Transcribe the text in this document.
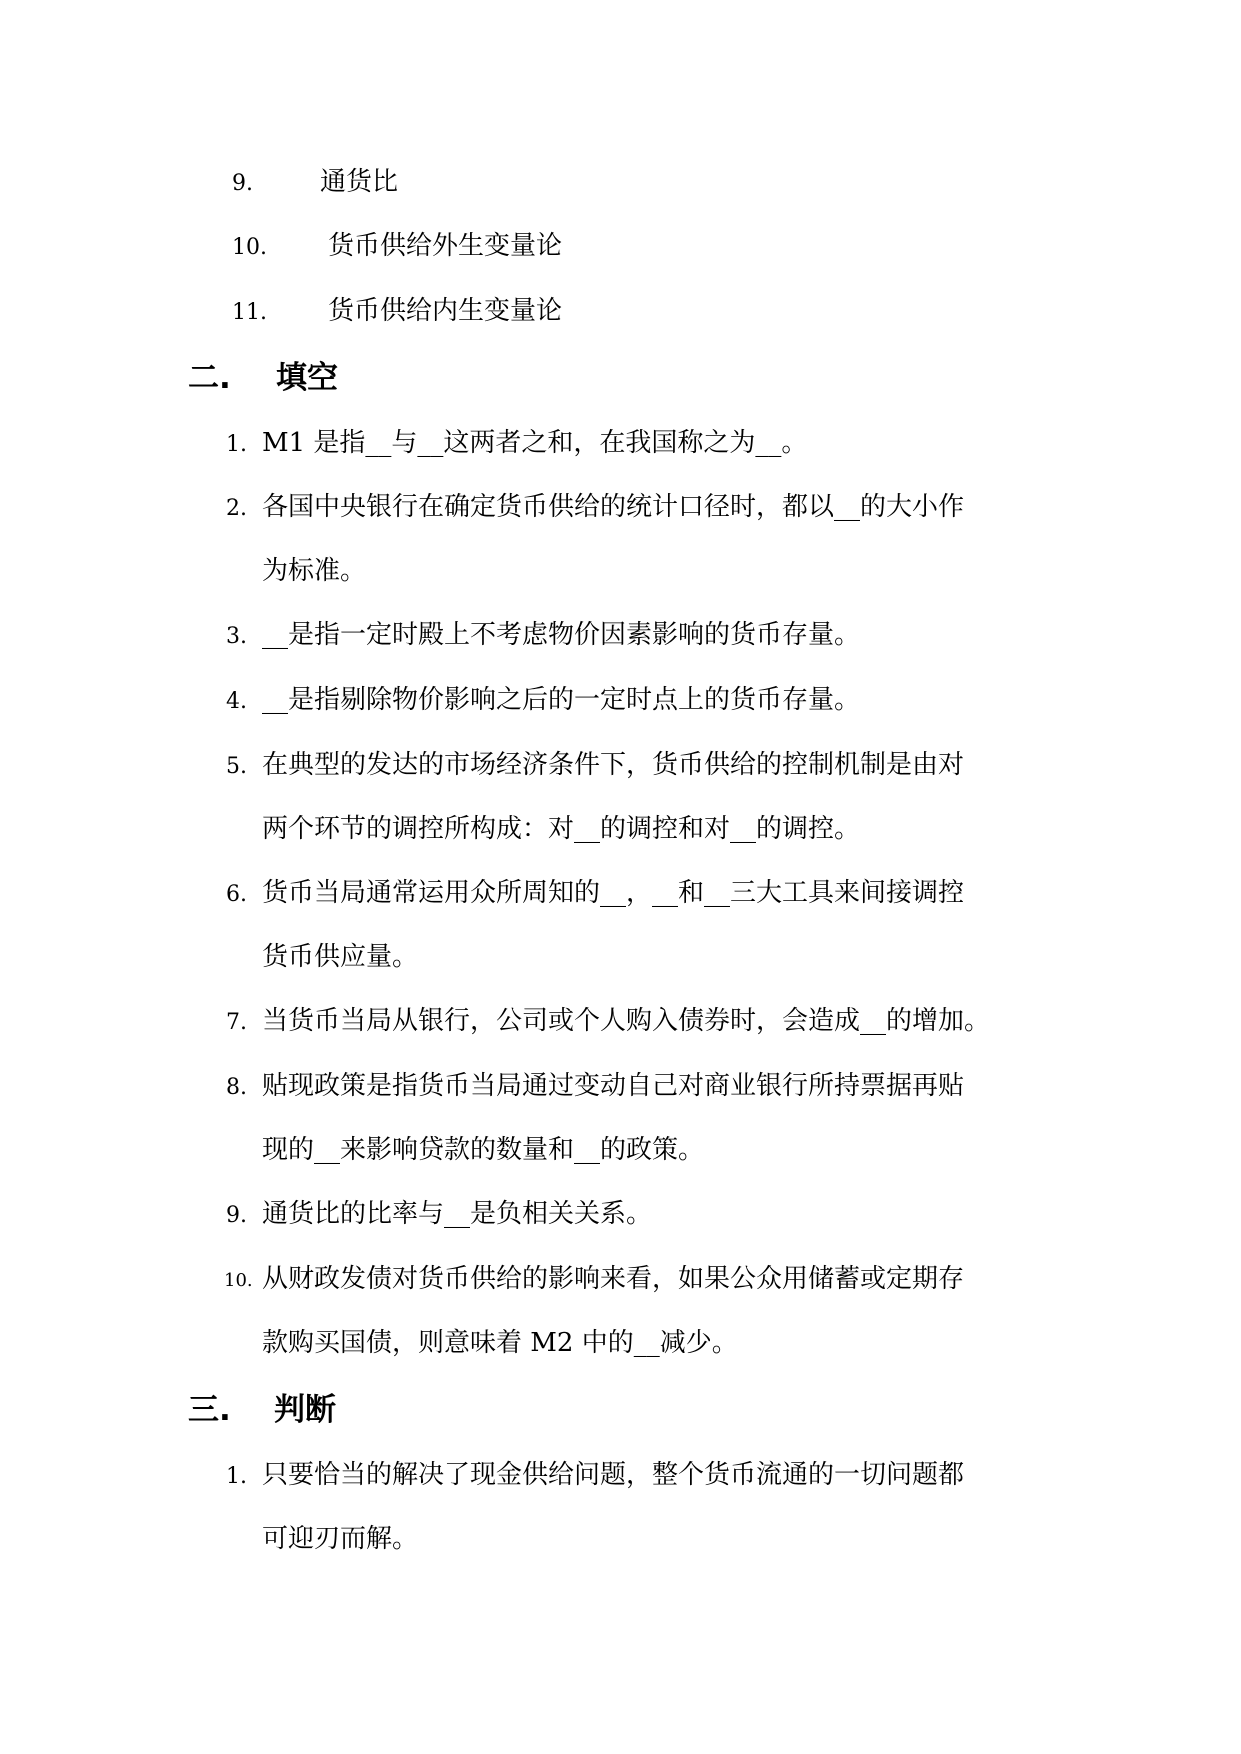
9.	通货比
10. 货币供给外生变量论
11. 货币供给内生变量论
二. 填空
1. M1 是指__与__这两者之和，在我国称之为__。
2. 各国中央银行在确定货币供给的统计口径时，都以__的大小作
为标准。
3. __是指一定时殿上不考虑物价因素影响的货币存量。
4. __是指剔除物价影响之后的一定时点上的货币存量。
5. 在典型的发达的市场经济条件下，货币供给的控制机制是由对
两个环节的调控所构成：对__的调控和对__的调控。
6. 货币当局通常运用众所周知的__，__和__三大工具来间接调控
货币供应量。
7. 当货币当局从银行，公司或个人购入债券时，会造成__的增加。
8. 贴现政策是指货币当局通过变动自己对商业银行所持票据再贴
现的__来影响贷款的数量和__的政策。
9. 通货比的比率与__是负相关关系。
10. 从财政发债对货币供给的影响来看，如果公众用储蓄或定期存
款购买国债，则意味着 M2 中的__减少。
三. 判断
1. 只要恰当的解决了现金供给问题，整个货币流通的一切问题都
可迎刃而解。
